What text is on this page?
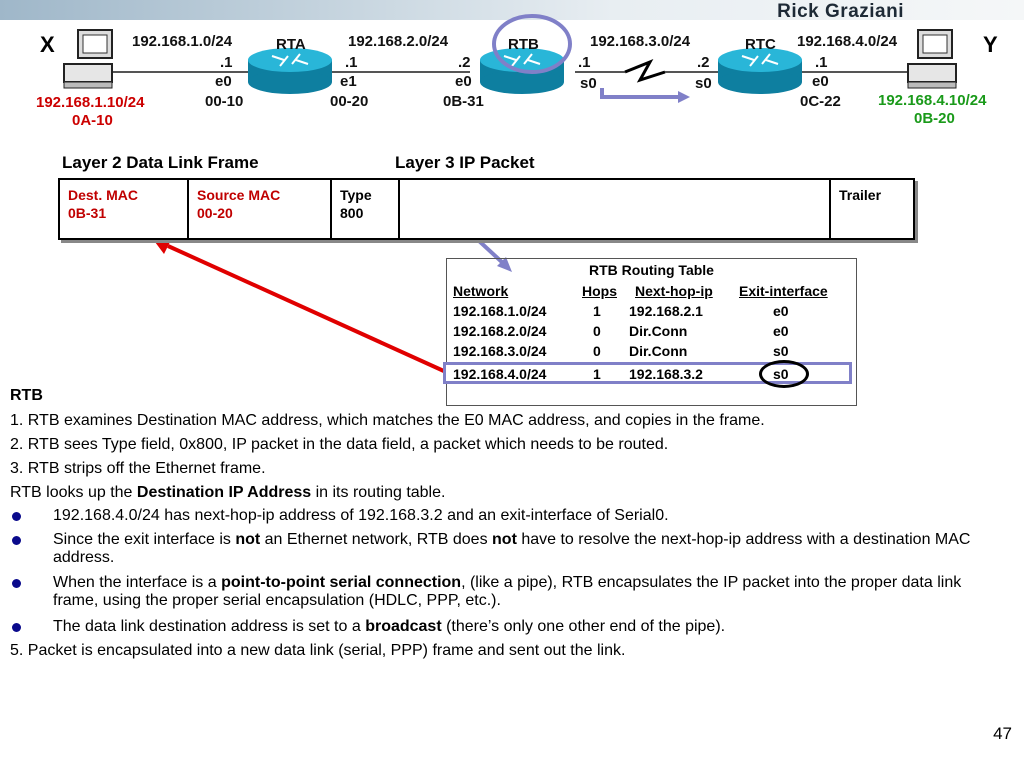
Rick Graziani
X	Y
RTA	RTB	RTC
192.168.1.0/24	192.168.2.0/24	192.168.3.0/24	192.168.4.0/24
.1
e0
00-10
.1
e1
00-20
.2
e0
0B-31
.1
s0
.2
s0
.1
e0
0C-22
192.168.1.10/24
0A-10
192.168.4.10/24
0B-20
Layer 2 Data Link Frame	Layer 3 IP Packet
Dest. MAC
0B-31
Source MAC
00-20
Type
800
Trailer
RTB Routing Table
Network	Hops Next-hop-ip Exit-interface
192.168.1.0/24	1 192.168.2.1	e0
192.168.2.0/24	0 Dir.Conn	e0
192.168.3.0/24	0 Dir.Conn	s0
192.168.4.0/24	1 192.168.3.2	s0
RTB
1. RTB examines Destination MAC address, which matches the E0 MAC address, and copies in the frame.
2. RTB sees Type field, 0x800, IP packet in the data field, a packet which needs to be routed.
3. RTB strips off the Ethernet frame.
RTB looks up the Destination IP Address in its routing table.
192.168.4.0/24 has next-hop-ip address of 192.168.3.2 and an exit-interface of Serial0.
Since the exit interface is not an Ethernet network, RTB does not have to resolve the next-hop-ip address with a destination MAC address.
When the interface is a point-to-point serial connection, (like a pipe), RTB encapsulates the IP packet into the proper data link frame, using the proper serial encapsulation (HDLC, PPP, etc.).
The data link destination address is set to a broadcast (there’s only one other end of the pipe).
5. Packet is encapsulated into a new data link (serial, PPP) frame and sent out the link.
47
